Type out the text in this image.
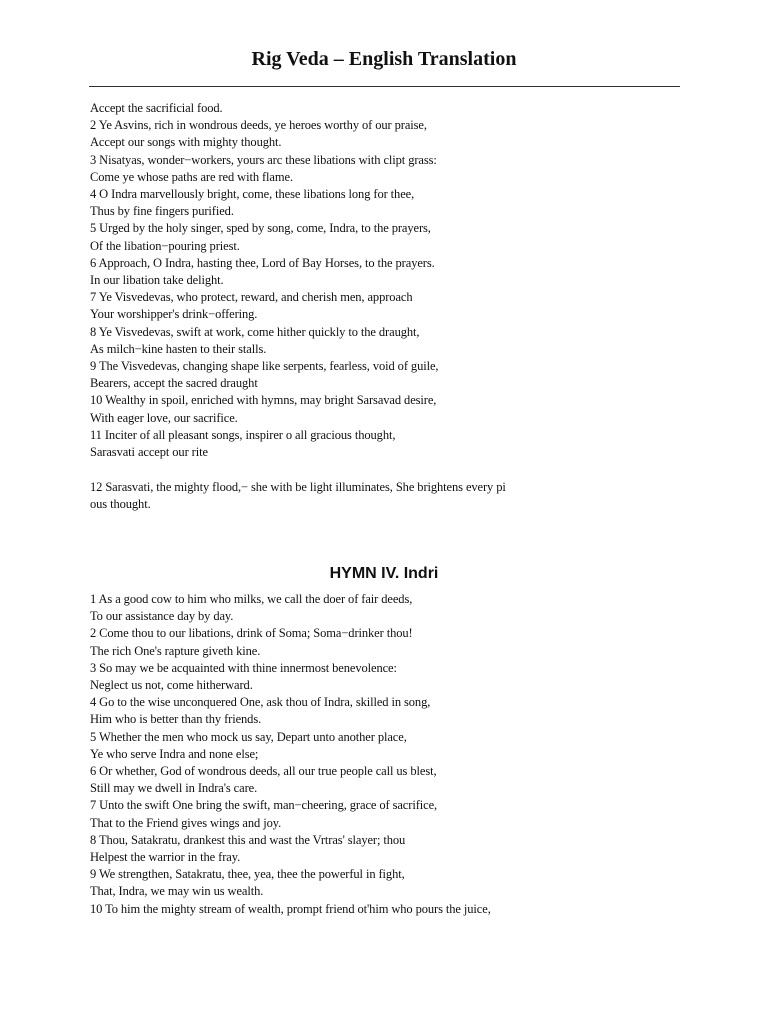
Rig Veda – English Translation
Accept the sacrificial food.
2 Ye Asvins, rich in wondrous deeds, ye heroes worthy of our praise,
Accept our songs with mighty thought.
3 Nisatyas, wonder−workers, yours arc these libations with clipt grass:
Come ye whose paths are red with flame.
4 O Indra marvellously bright, come, these libations long for thee,
Thus by fine fingers purified.
5 Urged by the holy singer, sped by song, come, Indra, to the prayers,
Of the libation−pouring priest.
6 Approach, O Indra, hasting thee, Lord of Bay Horses, to the prayers.
In our libation take delight.
7 Ye Visvedevas, who protect, reward, and cherish men, approach
Your worshipper's drink−offering.
8 Ye Visvedevas, swift at work, come hither quickly to the draught,
As milch−kine hasten to their stalls.
9 The Visvedevas, changing shape like serpents, fearless, void of guile,
Bearers, accept the sacred draught
10 Wealthy in spoil, enriched with hymns, may bright Sarsavad desire,
With eager love, our sacrifice.
11 Inciter of all pleasant songs, inspirer o all gracious thought,
Sarasvati accept our rite
12 Sarasvati, the mighty flood,− she with be light illuminates, She brightens every pi
ous thought.
HYMN IV. Indri
1 As a good cow to him who milks, we call the doer of fair deeds,
To our assistance day by day.
2 Come thou to our libations, drink of Soma; Soma−drinker thou!
The rich One's rapture giveth kine.
3 So may we be acquainted with thine innermost benevolence:
Neglect us not, come hitherward.
4 Go to the wise unconquered One, ask thou of Indra, skilled in song,
Him who is better than thy friends.
5 Whether the men who mock us say, Depart unto another place,
Ye who serve Indra and none else;
6 Or whether, God of wondrous deeds, all our true people call us blest,
Still may we dwell in Indra's care.
7 Unto the swift One bring the swift, man−cheering, grace of sacrifice,
That to the Friend gives wings and joy.
8 Thou, Satakratu, drankest this and wast the Vrtras' slayer; thou
Helpest the warrior in the fray.
9 We strengthen, Satakratu, thee, yea, thee the powerful in fight,
That, Indra, we may win us wealth.
10 To him the mighty stream of wealth, prompt friend ot'him who pours the juice,
